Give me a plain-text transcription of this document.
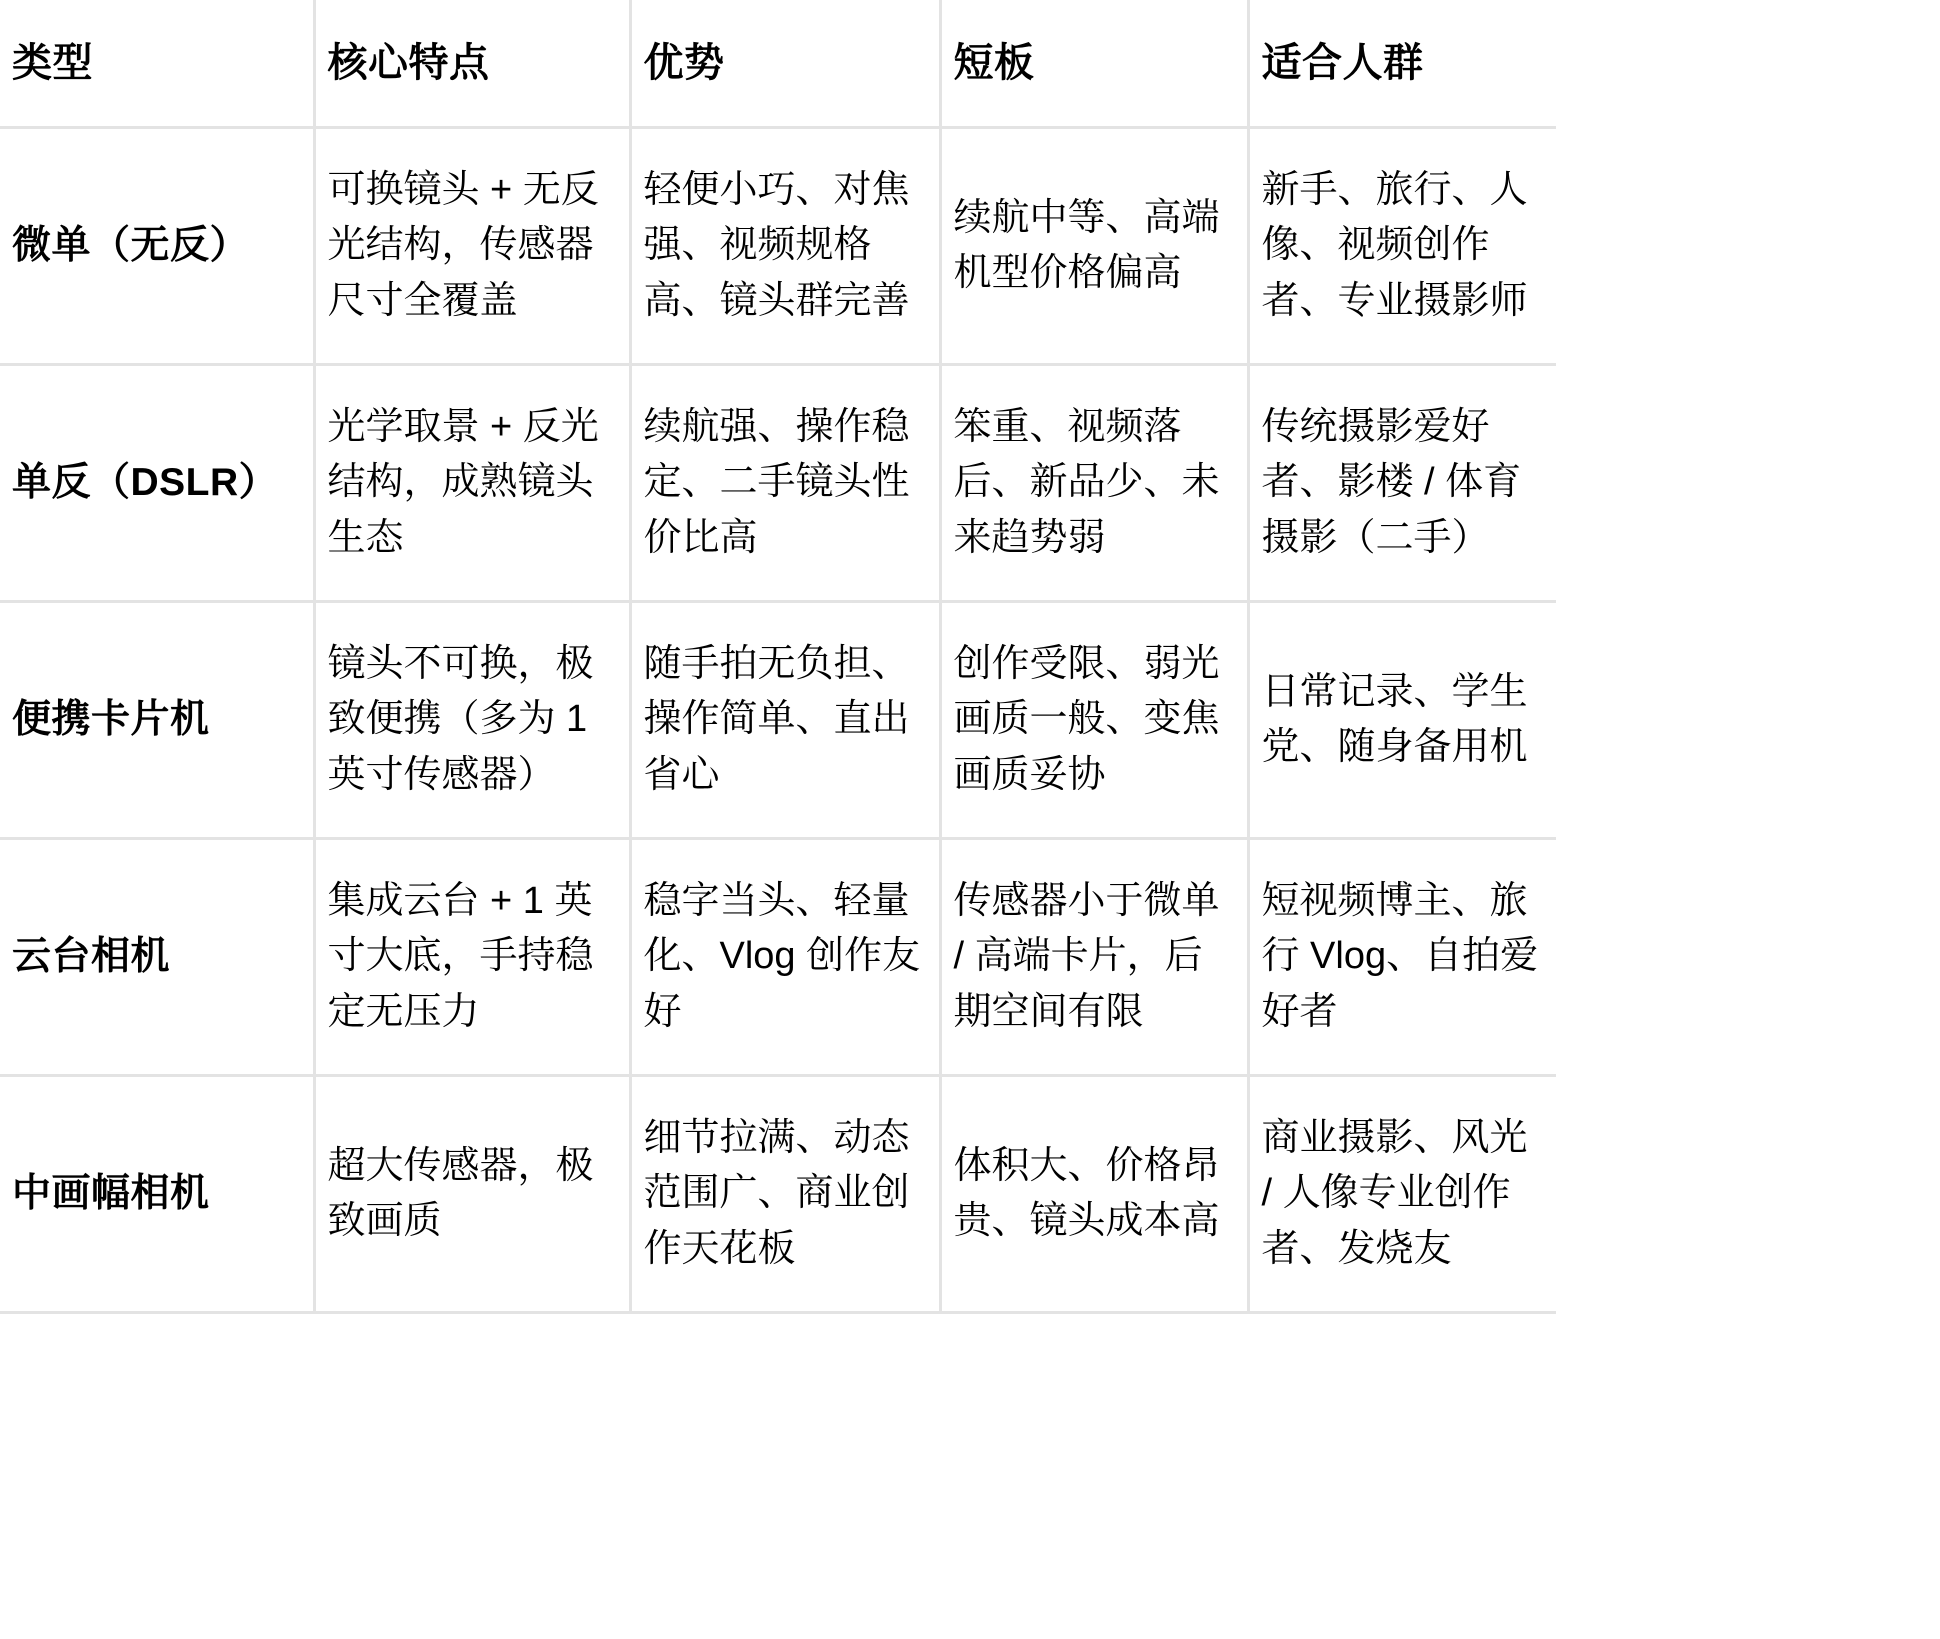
类型	核心特点	优势	短板	适合人群
微单（无反）	可换镜头 + 无反光结构，传感器尺寸全覆盖	轻便小巧、对焦强、视频规格高、镜头群完善	续航中等、高端机型价格偏高	新手、旅行、人像、视频创作者、专业摄影师
单反（DSLR）	光学取景 + 反光结构，成熟镜头生态	续航强、操作稳定、二手镜头性价比高	笨重、视频落后、新品少、未来趋势弱	传统摄影爱好者、影楼 / 体育摄影（二手）
便携卡片机	镜头不可换，极致便携（多为 1 英寸传感器）	随手拍无负担、操作简单、直出省心	创作受限、弱光画质一般、变焦画质妥协	日常记录、学生党、随身备用机
云台相机	集成云台 + 1 英寸大底，手持稳定无压力	稳字当头、轻量化、Vlog 创作友好	传感器小于微单 / 高端卡片，后期空间有限	短视频博主、旅行 Vlog、自拍爱好者
中画幅相机	超大传感器，极致画质	细节拉满、动态范围广、商业创作天花板	体积大、价格昂贵、镜头成本高	商业摄影、风光 / 人像专业创作者、发烧友
